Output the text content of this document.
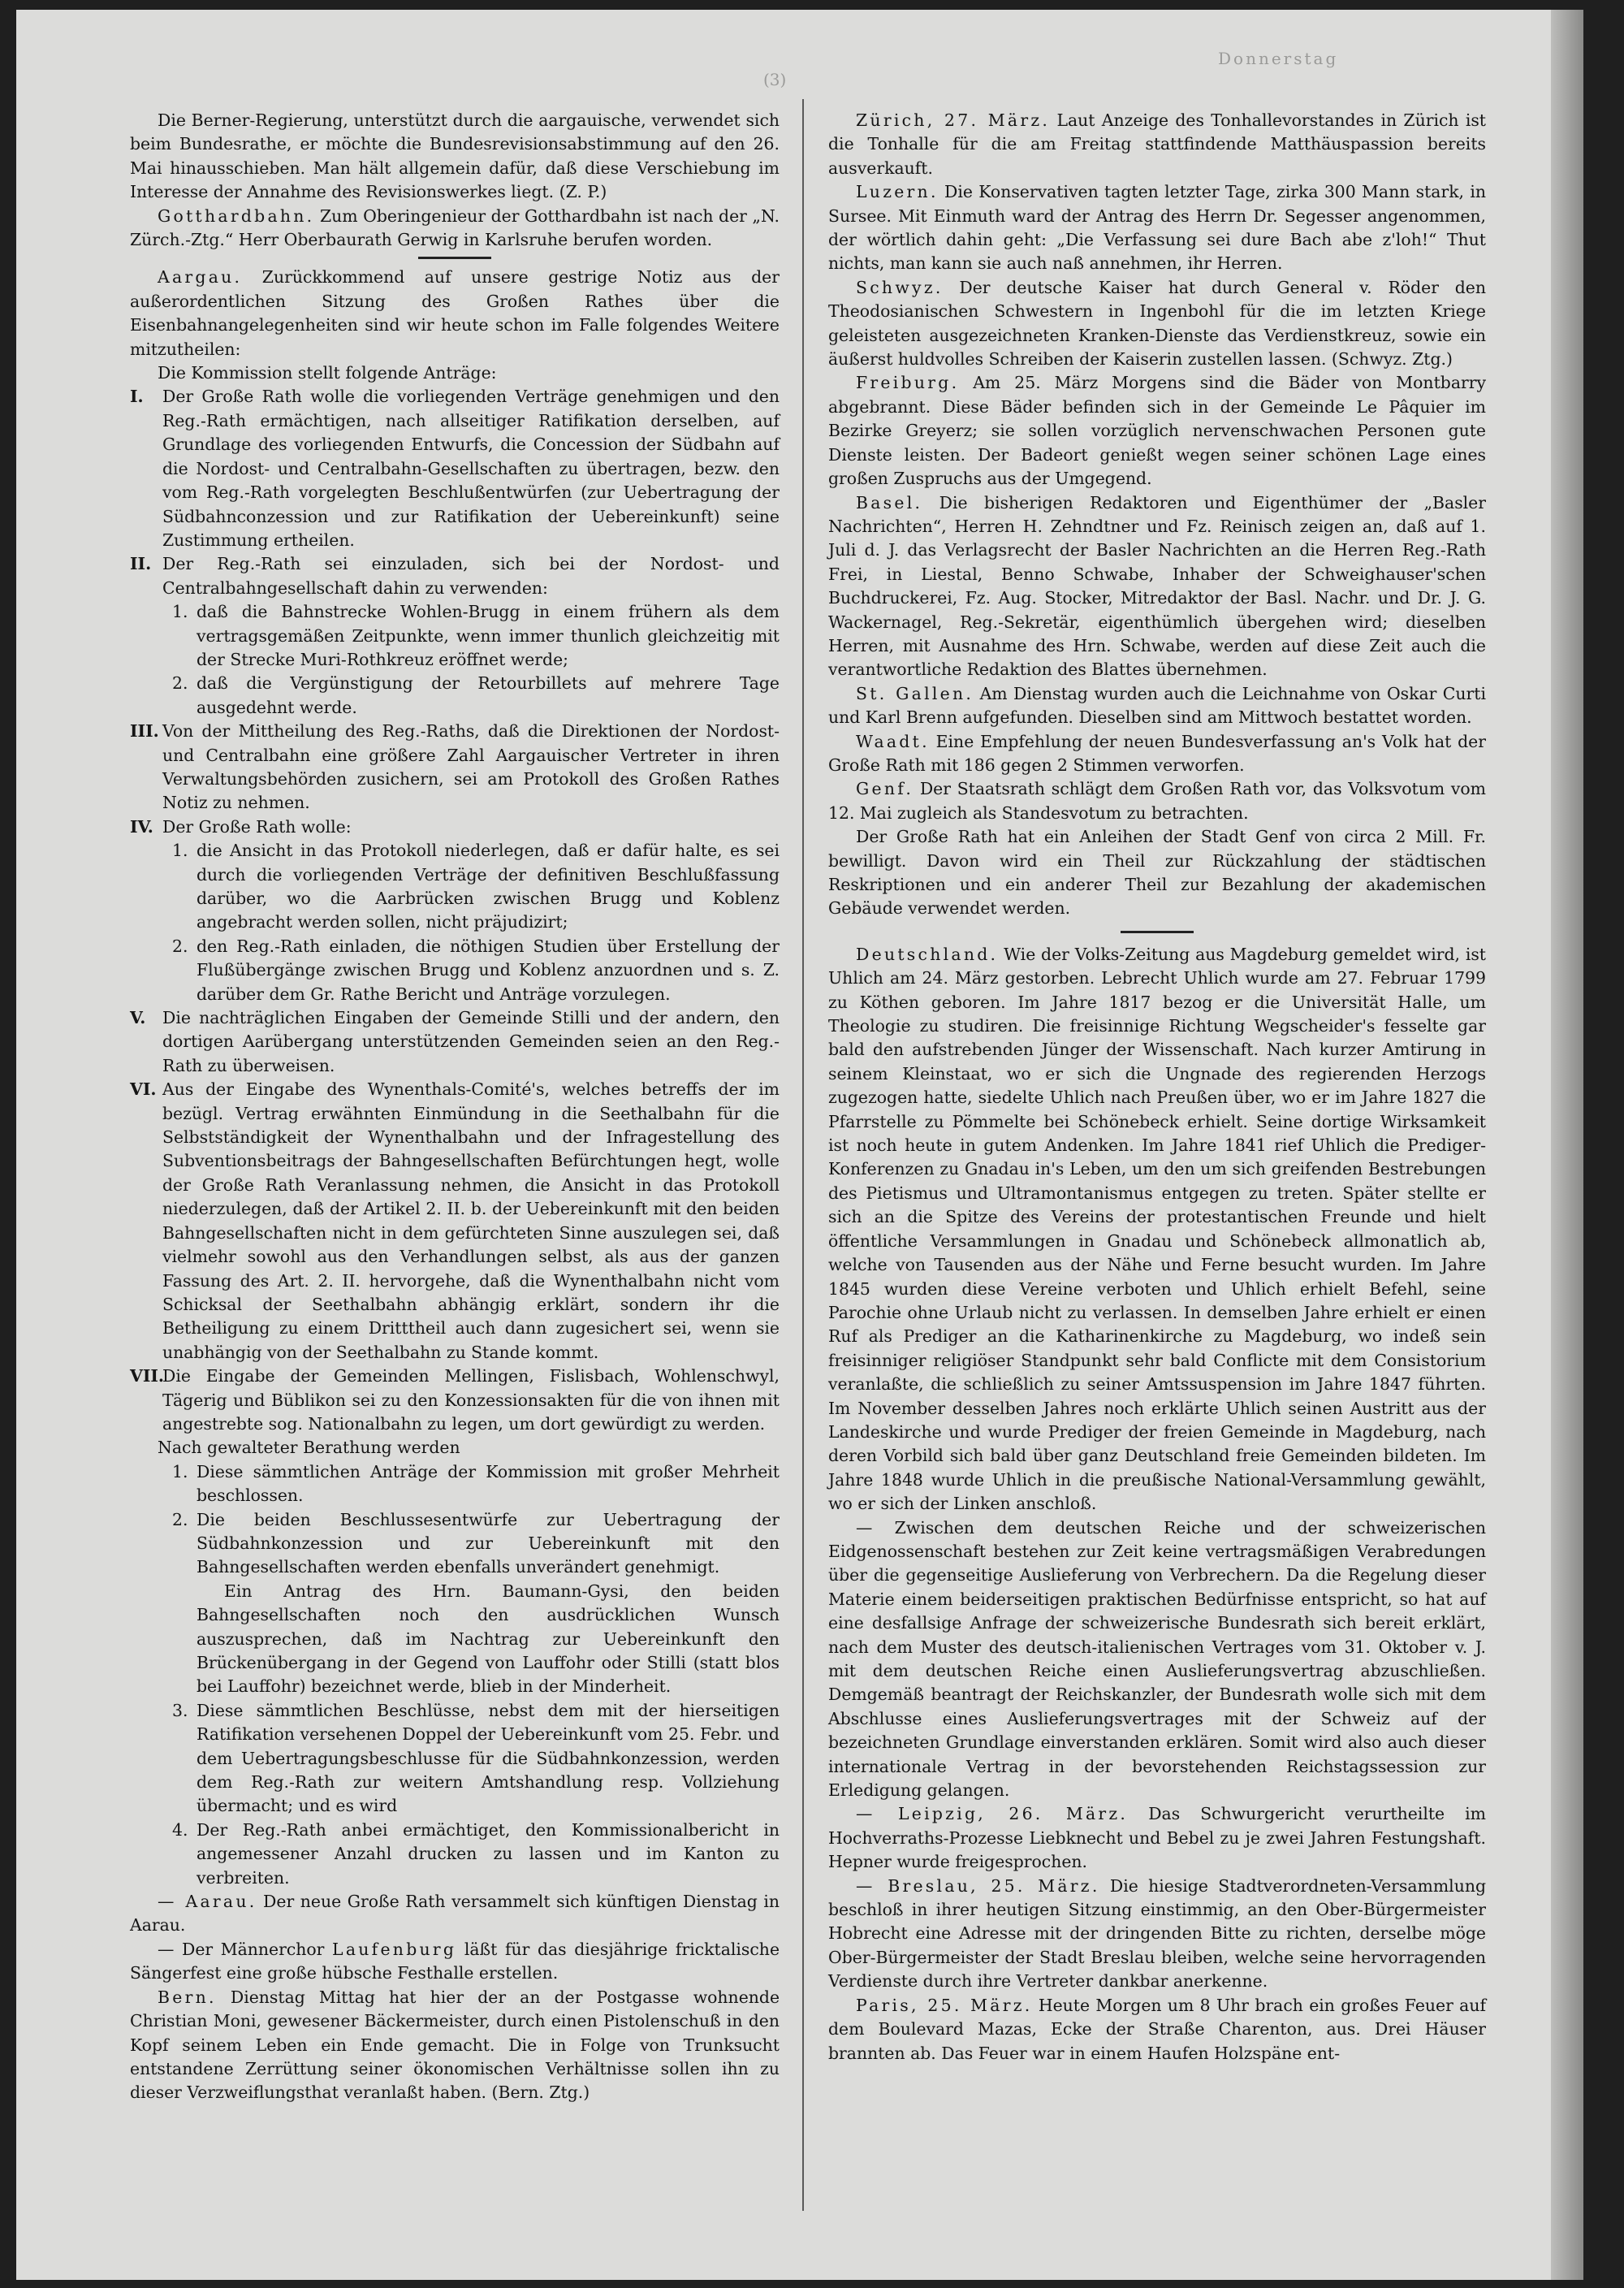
(3)
Donnerstag

Die Berner-Regierung, unterstützt durch die aargauische, verwendet sich beim Bundesrathe, er möchte die Bundesrevisionsabstimmung auf den 26. Mai hinausschieben. Man hält allgemein dafür, daß diese Verschiebung im Interesse der Annahme des Revisionswerkes liegt. (Z. P.)

Gotthardbahn. Zum Oberingenieur der Gotthardbahn ist nach der „N. Zürch.-Ztg.“ Herr Oberbaurath Gerwig in Karlsruhe berufen worden.

Aargau. Zurückkommend auf unsere gestrige Notiz aus der außerordentlichen Sitzung des Großen Rathes über die Eisenbahnangelegenheiten sind wir heute schon im Falle folgendes Weitere mitzutheilen:

Die Kommission stellt folgende Anträge:

I.	Der Große Rath wolle die vorliegenden Verträge genehmigen und den Reg.-Rath ermächtigen, nach allseitiger Ratifikation derselben, auf Grundlage des vorliegenden Entwurfs, die Concession der Südbahn auf die Nordost- und Centralbahn-Gesellschaften zu übertragen, bezw. den vom Reg.-Rath vorgelegten Beschlußentwürfen (zur Uebertragung der Südbahnconzession und zur Ratifikation der Uebereinkunft) seine Zustimmung ertheilen.
II. Der Reg.-Rath sei einzuladen, sich bei der Nordost- und Centralbahngesellschaft dahin zu verwenden:
1. daß die Bahnstrecke Wohlen-Brugg in einem frühern als dem vertragsgemäßen Zeitpunkte, wenn immer thunlich gleichzeitig mit der Strecke Muri-Rothkreuz eröffnet werde;
2. daß die Vergünstigung der Retourbillets auf mehrere Tage ausgedehnt werde.
III. Von der Mittheilung des Reg.-Raths, daß die Direktionen der Nordost- und Centralbahn eine größere Zahl Aargauischer Vertreter in ihren Verwaltungsbehörden zusichern, sei am Protokoll des Großen Rathes Notiz zu nehmen.
IV. Der Große Rath wolle:
1. die Ansicht in das Protokoll niederlegen, daß er dafür halte, es sei durch die vorliegenden Verträge der definitiven Beschlußfassung darüber, wo die Aarbrücken zwischen Brugg und Koblenz angebracht werden sollen, nicht präjudizirt;
2. den Reg.-Rath einladen, die nöthigen Studien über Erstellung der Flußübergänge zwischen Brugg und Koblenz anzuordnen und s. Z. darüber dem Gr. Rathe Bericht und Anträge vorzulegen.
V.	Die nachträglichen Eingaben der Gemeinde Stilli und der andern, den dortigen Aarübergang unterstützenden Gemeinden seien an den Reg.-Rath zu überweisen.
VI. Aus der Eingabe des Wynenthals-Comité's, welches betreffs der im bezügl. Vertrag erwähnten Einmündung in die Seethalbahn für die Selbstständigkeit der Wynenthalbahn und der Infragestellung des Subventionsbeitrags der Bahngesellschaften Befürchtungen hegt, wolle der Große Rath Veranlassung nehmen, die Ansicht in das Protokoll niederzulegen, daß der Artikel 2. II. b. der Uebereinkunft mit den beiden Bahngesellschaften nicht in dem gefürchteten Sinne auszulegen sei, daß vielmehr sowohl aus den Verhandlungen selbst, als aus der ganzen Fassung des Art. 2. II. hervorgehe, daß die Wynenthalbahn nicht vom Schicksal der Seethalbahn abhängig erklärt, sondern ihr die Betheiligung zu einem Dritttheil auch dann zugesichert sei, wenn sie unabhängig von der Seethalbahn zu Stande kommt.
VII.
Die Eingabe der Gemeinden Mellingen, Fislisbach, Wohlenschwyl, Tägerig und Büblikon sei zu den Konzessionsakten für die von ihnen mit angestrebte sog. Nationalbahn zu legen, um dort gewürdigt zu werden.

Nach gewalteter Berathung werden

1. Diese sämmtlichen Anträge der Kommission mit großer Mehrheit beschlossen.
2. Die beiden Beschlussesentwürfe zur Uebertragung der Südbahnkonzession und zur Uebereinkunft mit den Bahngesellschaften werden ebenfalls unverändert genehmigt.

Ein Antrag des Hrn. Baumann-Gysi, den beiden Bahngesellschaften noch den ausdrücklichen Wunsch auszusprechen, daß im Nachtrag zur Uebereinkunft den Brückenübergang in der Gegend von Lauffohr oder Stilli (statt blos bei Lauffohr) bezeichnet werde, blieb in der Minderheit.

3. Diese sämmtlichen Beschlüsse, nebst dem mit der hierseitigen Ratifikation versehenen Doppel der Uebereinkunft vom 25. Febr. und dem Uebertragungsbeschlusse für die Südbahnkonzession, werden dem Reg.-Rath zur weitern Amtshandlung resp. Vollziehung übermacht; und es wird
4. Der Reg.-Rath anbei ermächtiget, den Kommissionalbericht in angemessener Anzahl drucken zu lassen und im Kanton zu verbreiten.

— Aarau. Der neue Große Rath versammelt sich künftigen Dienstag in Aarau.

— Der Männerchor Laufenburg läßt für das diesjährige fricktalische Sängerfest eine große hübsche Festhalle erstellen.

Bern. Dienstag Mittag hat hier der an der Postgasse wohnende Christian Moni, gewesener Bäckermeister, durch einen Pistolenschuß in den Kopf seinem Leben ein Ende gemacht. Die in Folge von Trunksucht entstandene Zerrüttung seiner ökonomischen Verhältnisse sollen ihn zu dieser Verzweiflungsthat veranlaßt haben. (Bern. Ztg.)

Zürich, 27. März. Laut Anzeige des Tonhallevorstandes in Zürich ist die Tonhalle für die am Freitag stattfindende Matthäuspassion bereits ausverkauft.

Luzern. Die Konservativen tagten letzter Tage, zirka 300 Mann stark, in Sursee. Mit Einmuth ward der Antrag des Herrn Dr. Segesser angenommen, der wörtlich dahin geht: „Die Verfassung sei dure Bach abe z'loh!“ Thut nichts, man kann sie auch naß annehmen, ihr Herren.

Schwyz. Der deutsche Kaiser hat durch General v. Röder den Theodosianischen Schwestern in Ingenbohl für die im letzten Kriege geleisteten ausgezeichneten Kranken-Dienste das Verdienstkreuz, sowie ein äußerst huldvolles Schreiben der Kaiserin zustellen lassen. (Schwyz. Ztg.)

Freiburg. Am 25. März Morgens sind die Bäder von Montbarry abgebrannt. Diese Bäder befinden sich in der Gemeinde Le Pâquier im Bezirke Greyerz; sie sollen vorzüglich nervenschwachen Personen gute Dienste leisten. Der Badeort genießt wegen seiner schönen Lage eines großen Zuspruchs aus der Umgegend.

Basel. Die bisherigen Redaktoren und Eigenthümer der „Basler Nachrichten“, Herren H. Zehndtner und Fz. Reinisch zeigen an, daß auf 1. Juli d. J. das Verlagsrecht der Basler Nachrichten an die Herren Reg.-Rath Frei, in Liestal, Benno Schwabe, Inhaber der Schweighauser'schen Buchdruckerei, Fz. Aug. Stocker, Mitredaktor der Basl. Nachr. und Dr. J. G. Wackernagel, Reg.-Sekretär, eigenthümlich übergehen wird; dieselben Herren, mit Ausnahme des Hrn. Schwabe, werden auf diese Zeit auch die verantwortliche Redaktion des Blattes übernehmen.

St. Gallen. Am Dienstag wurden auch die Leichnahme von Oskar Curti und Karl Brenn aufgefunden. Dieselben sind am Mittwoch bestattet worden.

Waadt. Eine Empfehlung der neuen Bundesverfassung an's Volk hat der Große Rath mit 186 gegen 2 Stimmen verworfen.

Genf. Der Staatsrath schlägt dem Großen Rath vor, das Volksvotum vom 12. Mai zugleich als Standesvotum zu betrachten.

Der Große Rath hat ein Anleihen der Stadt Genf von circa 2 Mill. Fr. bewilligt. Davon wird ein Theil zur Rückzahlung der städtischen Reskriptionen und ein anderer Theil zur Bezahlung der akademischen Gebäude verwendet werden.

Deutschland. Wie der Volks-Zeitung aus Magdeburg gemeldet wird, ist Uhlich am 24. März gestorben. Lebrecht Uhlich wurde am 27. Februar 1799 zu Köthen geboren. Im Jahre 1817 bezog er die Universität Halle, um Theologie zu studiren. Die freisinnige Richtung Wegscheider's fesselte gar bald den aufstrebenden Jünger der Wissenschaft. Nach kurzer Amtirung in seinem Kleinstaat, wo er sich die Ungnade des regierenden Herzogs zugezogen hatte, siedelte Uhlich nach Preußen über, wo er im Jahre 1827 die Pfarrstelle zu Pömmelte bei Schönebeck erhielt. Seine dortige Wirksamkeit ist noch heute in gutem Andenken. Im Jahre 1841 rief Uhlich die Prediger-Konferenzen zu Gnadau in's Leben, um den um sich greifenden Bestrebungen des Pietismus und Ultramontanismus entgegen zu treten. Später stellte er sich an die Spitze des Vereins der protestantischen Freunde und hielt öffentliche Versammlungen in Gnadau und Schönebeck allmonatlich ab, welche von Tausenden aus der Nähe und Ferne besucht wurden. Im Jahre 1845 wurden diese Vereine verboten und Uhlich erhielt Befehl, seine Parochie ohne Urlaub nicht zu verlassen. In demselben Jahre erhielt er einen Ruf als Prediger an die Katharinenkirche zu Magdeburg, wo indeß sein freisinniger religiöser Standpunkt sehr bald Conflicte mit dem Consistorium veranlaßte, die schließlich zu seiner Amtssuspension im Jahre 1847 führten. Im November desselben Jahres noch erklärte Uhlich seinen Austritt aus der Landeskirche und wurde Prediger der freien Gemeinde in Magdeburg, nach deren Vorbild sich bald über ganz Deutschland freie Gemeinden bildeten. Im Jahre 1848 wurde Uhlich in die preußische National-Versammlung gewählt, wo er sich der Linken anschloß.

— Zwischen dem deutschen Reiche und der schweizerischen Eidgenossenschaft bestehen zur Zeit keine vertragsmäßigen Verabredungen über die gegenseitige Auslieferung von Verbrechern. Da die Regelung dieser Materie einem beiderseitigen praktischen Bedürfnisse entspricht, so hat auf eine desfallsige Anfrage der schweizerische Bundesrath sich bereit erklärt, nach dem Muster des deutsch-italienischen Vertrages vom 31. Oktober v. J. mit dem deutschen Reiche einen Auslieferungsvertrag abzuschließen. Demgemäß beantragt der Reichskanzler, der Bundesrath wolle sich mit dem Abschlusse eines Auslieferungsvertrages mit der Schweiz auf der bezeichneten Grundlage einverstanden erklären. Somit wird also auch dieser internationale Vertrag in der bevorstehenden Reichstagssession zur Erledigung gelangen.

— Leipzig, 26. März. Das Schwurgericht verurtheilte im Hochverraths-Prozesse Liebknecht und Bebel zu je zwei Jahren Festungshaft. Hepner wurde freigesprochen.

— Breslau, 25. März. Die hiesige Stadtverordneten-Versammlung beschloß in ihrer heutigen Sitzung einstimmig, an den Ober-Bürgermeister Hobrecht eine Adresse mit der dringenden Bitte zu richten, derselbe möge Ober-Bürgermeister der Stadt Breslau bleiben, welche seine hervorragenden Verdienste durch ihre Vertreter dankbar anerkenne.

Paris, 25. März. Heute Morgen um 8 Uhr brach ein großes Feuer auf dem Boulevard Mazas, Ecke der Straße Charenton, aus. Drei Häuser brannten ab. Das Feuer war in einem Haufen Holzspäne ent-
